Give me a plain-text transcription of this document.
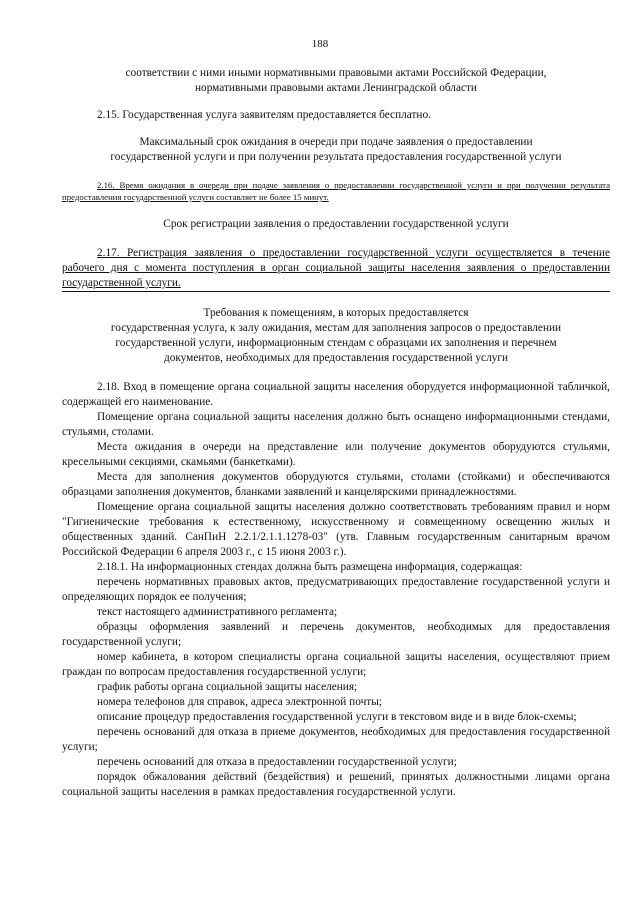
188

соответствии с ними иными нормативными правовыми актами Российской Федерации,

нормативными правовыми актами Ленинградской области

2.15. Государственная услуга заявителям предоставляется бесплатно.

Максимальный срок ожидания в очереди при подаче заявления о предоставлении

государственной услуги и при получении результата предоставления государственной услуги

2.16. Время ожидания в очереди при подаче заявления о предоставлении государственной услуги и при получении результата предоставления государственной услуги составляет не более 15 минут.

Срок регистрации заявления о предоставлении государственной услуги

2.17. Регистрация заявления о предоставлении государственной услуги осуществляется в течение рабочего дня с момента поступления в орган социальной защиты населения заявления о предоставлении государственной услуги.

Требования к помещениям, в которых предоставляется

государственная услуга, к залу ожидания, местам для заполнения запросов о предоставлении

государственной услуги, информационным стендам с образцами их заполнения и перечнем

документов, необходимых для предоставления государственной услуги

2.18. Вход в помещение органа социальной защиты населения оборудуется информационной табличкой, содержащей его наименование.

Помещение органа социальной защиты населения должно быть оснащено информационными стендами, стульями, столами.

Места ожидания в очереди на представление или получение документов оборудуются стульями, кресельными секциями, скамьями (банкетками).

Места для заполнения документов оборудуются стульями, столами (стойками) и обеспечиваются образцами заполнения документов, бланками заявлений и канцелярскими принадлежностями.

Помещение органа социальной защиты населения должно соответствовать требованиям правил и норм "Гигиенические требования к естественному, искусственному и совмещенному освещению жилых и общественных зданий. СанПиН 2.2.1/2.1.1.1278-03" (утв. Главным государственным санитарным врачом Российской Федерации 6 апреля 2003 г., с 15 июня 2003 г.).

2.18.1. На информационных стендах должна быть размещена информация, содержащая:

перечень нормативных правовых актов, предусматривающих предоставление государственной услуги и определяющих порядок ее получения;

текст настоящего административного регламента;

образцы оформления заявлений и перечень документов, необходимых для предоставления государственной услуги;

номер кабинета, в котором специалисты органа социальной защиты населения, осуществляют прием граждан по вопросам предоставления государственной услуги;

график работы органа социальной защиты населения;

номера телефонов для справок, адреса электронной почты;

описание процедур предоставления государственной услуги в текстовом виде и в виде блок-схемы;

перечень оснований для отказа в приеме документов, необходимых для предоставления государственной услуги;

перечень оснований для отказа в предоставлении государственной услуги;

порядок обжалования действий (бездействия) и решений, принятых должностными лицами органа социальной защиты населения в рамках предоставления государственной услуги.
